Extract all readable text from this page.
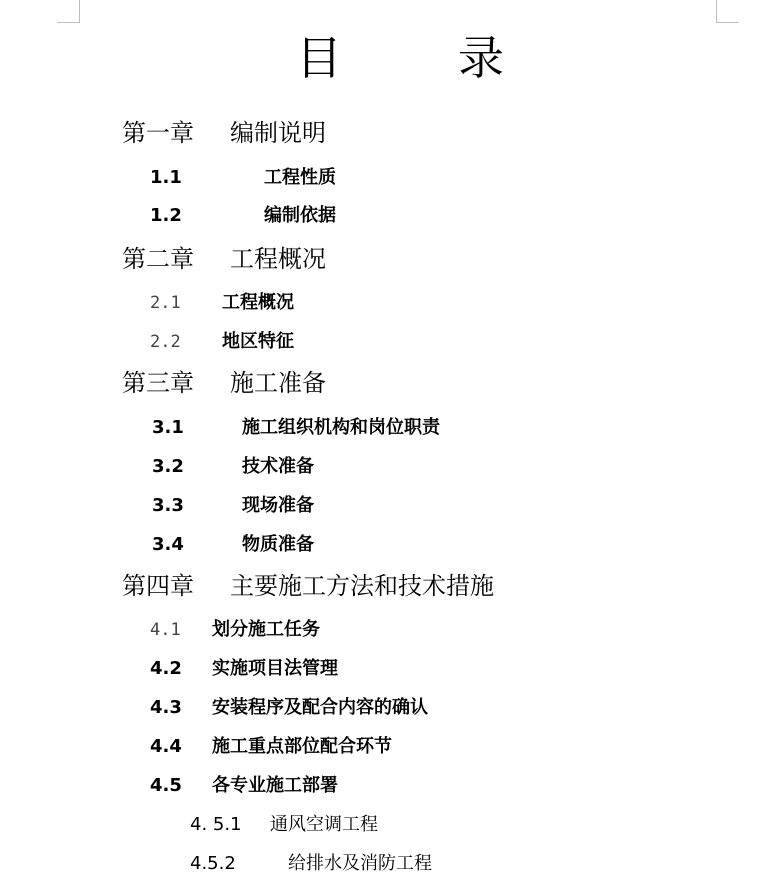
目	录
第一章 编制说明
1.1	工程性质
1.2	编制依据
第二章 工程概况
2.1 工程概况
2.2 地区特征
第三章 施工准备
3.1	施工组织机构和岗位职责
3.2	技术准备
3.3	现场准备
3.4	物质准备
第四章 主要施工方法和技术措施
4.1 划分施工任务
4.2 实施项目法管理
4.3 安装程序及配合内容的确认
4.4 施工重点部位配合环节
4.5 各专业施工部署
4. 5.1 通风空调工程
4.5.2	给排水及消防工程
